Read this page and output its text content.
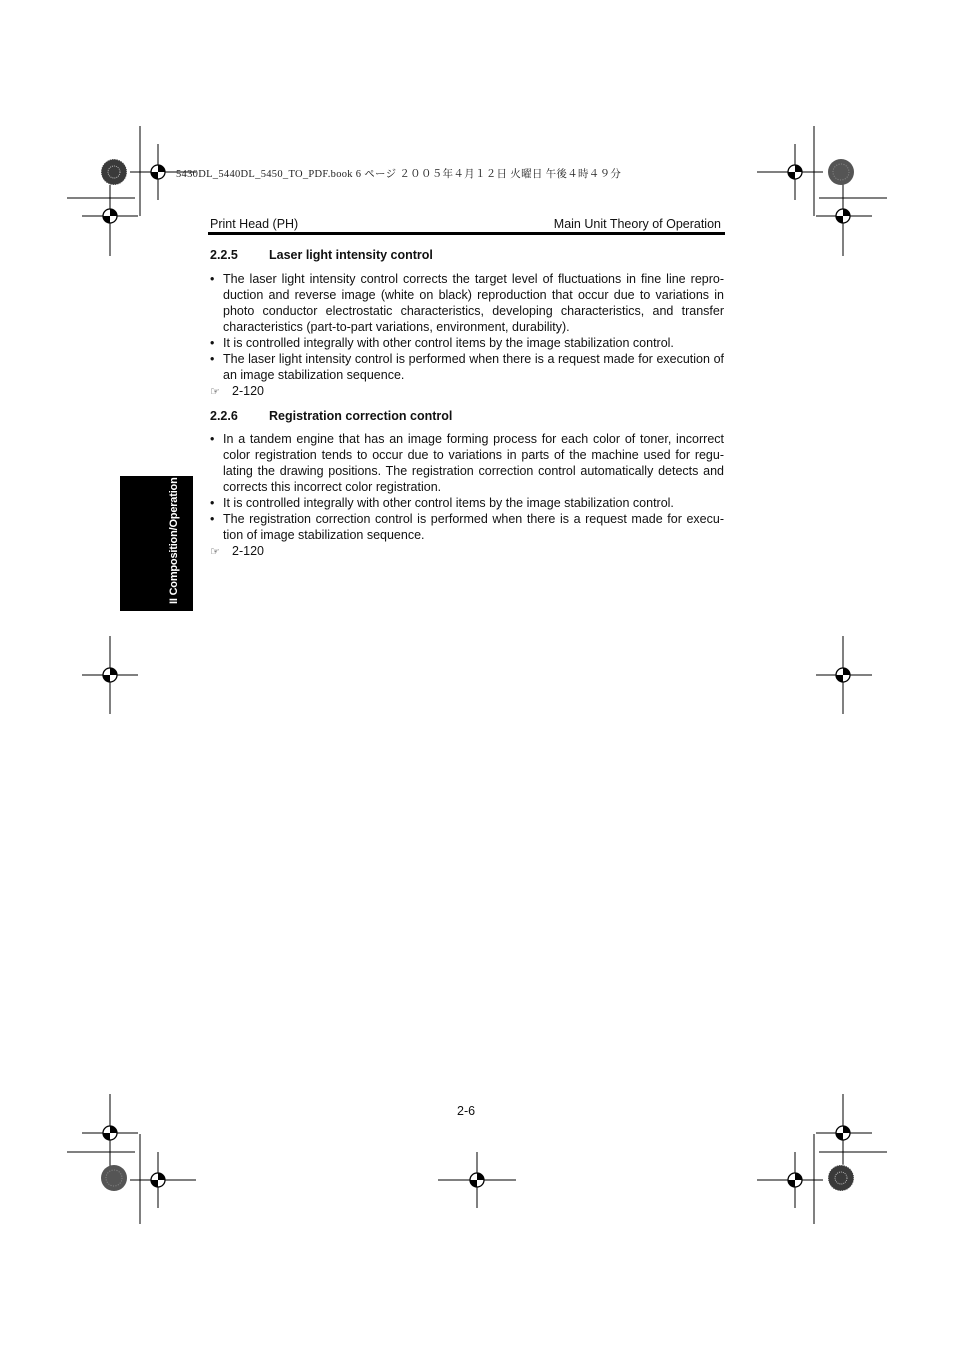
5430DL_5440DL_5450_TO_PDF.book 6 ページ ２００５年４月１２日 火曜日 午後４時４９分
Print Head (PH)	Main Unit Theory of Operation
2.2.5 Laser light intensity control
• The laser light intensity control corrects the target level of fluctuations in fine line repro-duction and reverse image (white on black) reproduction that occur due to variations in photo conductor electrostatic characteristics, developing characteristics, and transfer characteristics (part-to-part variations, environment, durability).
• It is controlled integrally with other control items by the image stabilization control.
• The laser light intensity control is performed when there is a request made for execution of an image stabilization sequence.
☞ 2-120
2.2.6 Registration correction control
• In a tandem engine that has an image forming process for each color of toner, incorrect color registration tends to occur due to variations in parts of the machine used for regu-lating the drawing positions. The registration correction control automatically detects and corrects this incorrect color registration.
• It is controlled integrally with other control items by the image stabilization control.
• The registration correction control is performed when there is a request made for execu-tion of image stabilization sequence.
☞ 2-120
II Composition/Operation
2-6
